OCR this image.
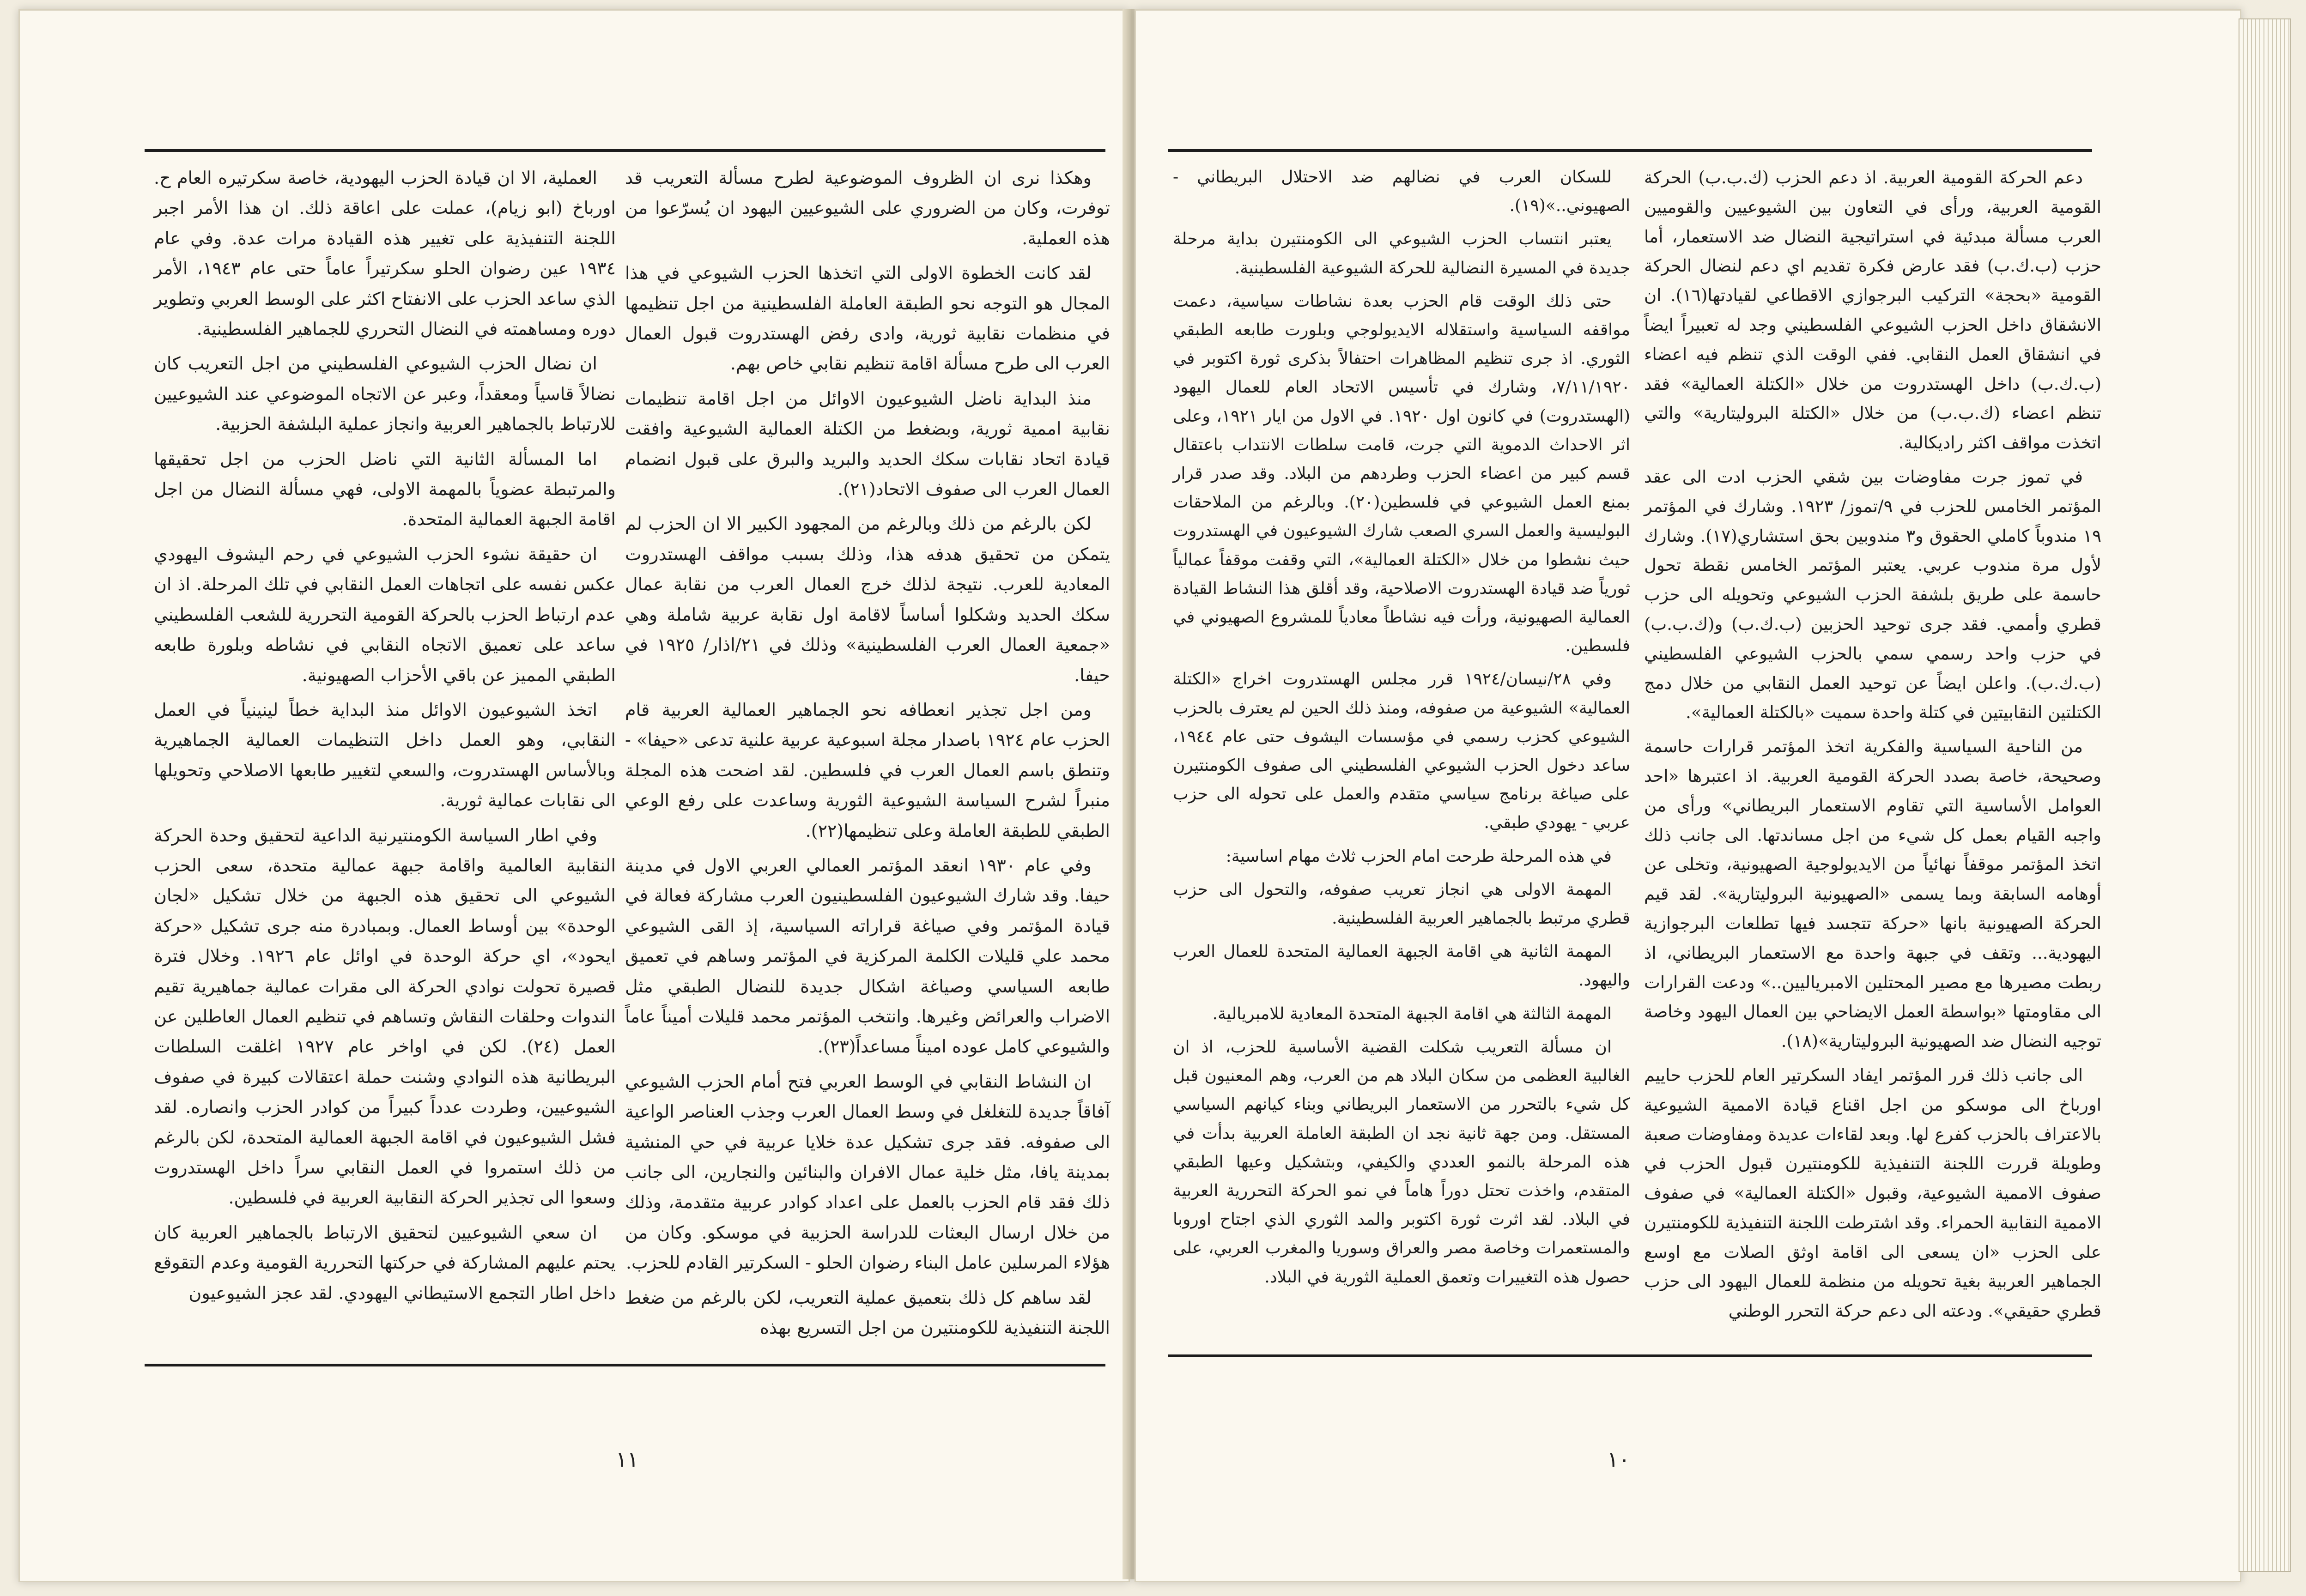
وهكذا نرى ان الظروف الموضوعية لطرح مسألة التعريب قد توفرت، وكان من الضروري على الشيوعيين اليهود ان يُسرّعوا من هذه العملية.

لقد كانت الخطوة الاولى التي اتخذها الحزب الشيوعي في هذا المجال هو التوجه نحو الطبقة العاملة الفلسطينية من اجل تنظيمها في منظمات نقابية ثورية، وادى رفض الهستدروت قبول العمال العرب الى طرح مسألة اقامة تنظيم نقابي خاص بهم.

منذ البداية ناضل الشيوعيون الاوائل من اجل اقامة تنظيمات نقابية اممية ثورية، وبضغط من الكتلة العمالية الشيوعية وافقت قيادة اتحاد نقابات سكك الحديد والبريد والبرق على قبول انضمام العمال العرب الى صفوف الاتحاد(٢١).

لكن بالرغم من ذلك وبالرغم من المجهود الكبير الا ان الحزب لم يتمكن من تحقيق هدفه هذا، وذلك بسبب مواقف الهستدروت المعادية للعرب. نتيجة لذلك خرج العمال العرب من نقابة عمال سكك الحديد وشكلوا أساساً لاقامة اول نقابة عربية شاملة وهي «جمعية العمال العرب الفلسطينية» وذلك في ٢١/اذار/ ١٩٢٥ في حيفا.

ومن اجل تجذير انعطافه نحو الجماهير العمالية العربية قام الحزب عام ١٩٢٤ باصدار مجلة اسبوعية عربية علنية تدعى «حيفا» - وتنطق باسم العمال العرب في فلسطين. لقد اضحت هذه المجلة منبراً لشرح السياسة الشيوعية الثورية وساعدت على رفع الوعي الطبقي للطبقة العاملة وعلى تنظيمها(٢٢).

وفي عام ١٩٣٠ انعقد المؤتمر العمالي العربي الاول في مدينة حيفا. وقد شارك الشيوعيون الفلسطينيون العرب مشاركة فعالة في قيادة المؤتمر وفي صياغة قراراته السياسية، إذ القى الشيوعي محمد علي قليلات الكلمة المركزية في المؤتمر وساهم في تعميق طابعه السياسي وصياغة اشكال جديدة للنضال الطبقي مثل الاضراب والعرائض وغيرها. وانتخب المؤتمر محمد قليلات أميناً عاماً والشيوعي كامل عوده اميناً مساعداً(٢٣).

ان النشاط النقابي في الوسط العربي فتح أمام الحزب الشيوعي آفاقاً جديدة للتغلغل في وسط العمال العرب وجذب العناصر الواعية الى صفوفه. فقد جرى تشكيل عدة خلايا عربية في حي المنشية بمدينة يافا، مثل خلية عمال الافران والبنائين والنجارين، الى جانب ذلك فقد قام الحزب بالعمل على اعداد كوادر عربية متقدمة، وذلك من خلال ارسال البعثات للدراسة الحزبية في موسكو. وكان من هؤلاء المرسلين عامل البناء رضوان الحلو - السكرتير القادم للحزب.

لقد ساهم كل ذلك بتعميق عملية التعريب، لكن بالرغم من ضغط اللجنة التنفيذية للكومنتيرن من اجل التسريع بهذه

العملية، الا ان قيادة الحزب اليهودية، خاصة سكرتيره العام ح. اورباخ (ابو زيام)، عملت على اعاقة ذلك. ان هذا الأمر اجبر اللجنة التنفيذية على تغيير هذه القيادة مرات عدة. وفي عام ١٩٣٤ عين رضوان الحلو سكرتيراً عاماً حتى عام ١٩٤٣، الأمر الذي ساعد الحزب على الانفتاح اكثر على الوسط العربي وتطوير دوره ومساهمته في النضال التحرري للجماهير الفلسطينية.

ان نضال الحزب الشيوعي الفلسطيني من اجل التعريب كان نضالاً قاسياً ومعقداً، وعبر عن الاتجاه الموضوعي عند الشيوعيين للارتباط بالجماهير العربية وانجاز عملية البلشفة الحزبية.

اما المسألة الثانية التي ناضل الحزب من اجل تحقيقها والمرتبطة عضوياً بالمهمة الاولى، فهي مسألة النضال من اجل اقامة الجبهة العمالية المتحدة.

ان حقيقة نشوء الحزب الشيوعي في رحم اليشوف اليهودي عكس نفسه على اتجاهات العمل النقابي في تلك المرحلة. اذ ان عدم ارتباط الحزب بالحركة القومية التحررية للشعب الفلسطيني ساعد على تعميق الاتجاه النقابي في نشاطه وبلورة طابعه الطبقي المميز عن باقي الأحزاب الصهيونية.

اتخذ الشيوعيون الاوائل منذ البداية خطاً لينينياً في العمل النقابي، وهو العمل داخل التنظيمات العمالية الجماهيرية وبالأساس الهستدروت، والسعي لتغيير طابعها الاصلاحي وتحويلها الى نقابات عمالية ثورية.

وفي اطار السياسة الكومنتيرنية الداعية لتحقيق وحدة الحركة النقابية العالمية واقامة جبهة عمالية متحدة، سعى الحزب الشيوعي الى تحقيق هذه الجبهة من خلال تشكيل «لجان الوحدة» بين أوساط العمال. وبمبادرة منه جرى تشكيل «حركة ايحود»، اي حركة الوحدة في اوائل عام ١٩٢٦. وخلال فترة قصيرة تحولت نوادي الحركة الى مقرات عمالية جماهيرية تقيم الندوات وحلقات النقاش وتساهم في تنظيم العمال العاطلين عن العمل (٢٤). لكن في اواخر عام ١٩٢٧ اغلقت السلطات البريطانية هذه النوادي وشنت حملة اعتقالات كبيرة في صفوف الشيوعيين، وطردت عدداً كبيراً من كوادر الحزب وانصاره. لقد فشل الشيوعيون في اقامة الجبهة العمالية المتحدة، لكن بالرغم من ذلك استمروا في العمل النقابي سراً داخل الهستدروت وسعوا الى تجذير الحركة النقابية العربية في فلسطين.

ان سعي الشيوعيين لتحقيق الارتباط بالجماهير العربية كان يحتم عليهم المشاركة في حركتها التحررية القومية وعدم التقوقع داخل اطار التجمع الاستيطاني اليهودي. لقد عجز الشيوعيون

١١

دعم الحركة القومية العربية. اذ دعم الحزب (ك.ب.ب) الحركة القومية العربية، ورأى في التعاون بين الشيوعيين والقوميين العرب مسألة مبدئية في استراتيجية النضال ضد الاستعمار، أما حزب (ب.ك.ب) فقد عارض فكرة تقديم اي دعم لنضال الحركة القومية «بحجة» التركيب البرجوازي الاقطاعي لقيادتها(١٦). ان الانشقاق داخل الحزب الشيوعي الفلسطيني وجد له تعبيراً ايضاً في انشقاق العمل النقابي. ففي الوقت الذي تنظم فيه اعضاء (ب.ك.ب) داخل الهستدروت من خلال «الكتلة العمالية» فقد تنظم اعضاء (ك.ب.ب) من خلال «الكتلة البروليتارية» والتي اتخذت مواقف اكثر راديكالية.

في تموز جرت مفاوضات بين شقي الحزب ادت الى عقد المؤتمر الخامس للحزب في ٩/تموز/ ١٩٢٣. وشارك في المؤتمر ١٩ مندوباً كاملي الحقوق و٣ مندوبين بحق استشاري(١٧). وشارك لأول مرة مندوب عربي. يعتبر المؤتمر الخامس نقطة تحول حاسمة على طريق بلشفة الحزب الشيوعي وتحويله الى حزب قطري وأممي. فقد جرى توحيد الحزبين (ب.ك.ب) و(ك.ب.ب) في حزب واحد رسمي سمي بالحزب الشيوعي الفلسطيني (ب.ك.ب). واعلن ايضاً عن توحيد العمل النقابي من خلال دمج الكتلتين النقابيتين في كتلة واحدة سميت «بالكتلة العمالية».

من الناحية السياسية والفكرية اتخذ المؤتمر قرارات حاسمة وصحيحة، خاصة بصدد الحركة القومية العربية. اذ اعتبرها «احد العوامل الأساسية التي تقاوم الاستعمار البريطاني» ورأى من واجبه القيام بعمل كل شيء من اجل مساندتها. الى جانب ذلك اتخذ المؤتمر موقفاً نهائياً من الايديولوجية الصهيونية، وتخلى عن أوهامه السابقة وبما يسمى «الصهيونية البروليتارية». لقد قيم الحركة الصهيونية بانها «حركة تتجسد فيها تطلعات البرجوازية اليهودية... وتقف في جبهة واحدة مع الاستعمار البريطاني، اذ ربطت مصيرها مع مصير المحتلين الامبرياليين..» ودعت القرارات الى مقاومتها «بواسطة العمل الايضاحي بين العمال اليهود وخاصة توجيه النضال ضد الصهيونية البروليتارية»(١٨).

الى جانب ذلك قرر المؤتمر ايفاد السكرتير العام للحزب حاييم اورباخ الى موسكو من اجل اقناع قيادة الاممية الشيوعية بالاعتراف بالحزب كفرع لها. وبعد لقاءات عديدة ومفاوضات صعبة وطويلة قررت اللجنة التنفيذية للكومنتيرن قبول الحزب في صفوف الاممية الشيوعية، وقبول «الكتلة العمالية» في صفوف الاممية النقابية الحمراء. وقد اشترطت اللجنة التنفيذية للكومنتيرن على الحزب «ان يسعى الى اقامة اوثق الصلات مع اوسع الجماهير العربية بغية تحويله من منظمة للعمال اليهود الى حزب قطري حقيقي». ودعته الى دعم حركة التحرر الوطني

للسكان العرب في نضالهم ضد الاحتلال البريطاني - الصهيوني..»(١٩).

يعتبر انتساب الحزب الشيوعي الى الكومنتيرن بداية مرحلة جديدة في المسيرة النضالية للحركة الشيوعية الفلسطينية.

حتى ذلك الوقت قام الحزب بعدة نشاطات سياسية، دعمت مواقفه السياسية واستقلاله الايديولوجي وبلورت طابعه الطبقي الثوري. اذ جرى تنظيم المظاهرات احتفالاً بذكرى ثورة اكتوبر في ٧/١١/١٩٢٠، وشارك في تأسيس الاتحاد العام للعمال اليهود (الهستدروت) في كانون اول ١٩٢٠. في الاول من ايار ١٩٢١، وعلى اثر الاحداث الدموية التي جرت، قامت سلطات الانتداب باعتقال قسم كبير من اعضاء الحزب وطردهم من البلاد. وقد صدر قرار بمنع العمل الشيوعي في فلسطين(٢٠). وبالرغم من الملاحقات البوليسية والعمل السري الصعب شارك الشيوعيون في الهستدروت حيث نشطوا من خلال «الكتلة العمالية»، التي وقفت موقفاً عمالياً ثورياً ضد قيادة الهستدروت الاصلاحية، وقد أقلق هذا النشاط القيادة العمالية الصهيونية، ورأت فيه نشاطاً معادياً للمشروع الصهيوني في فلسطين.

وفي ٢٨/نيسان/١٩٢٤ قرر مجلس الهستدروت اخراج «الكتلة العمالية» الشيوعية من صفوفه، ومنذ ذلك الحين لم يعترف بالحزب الشيوعي كحزب رسمي في مؤسسات اليشوف حتى عام ١٩٤٤، ساعد دخول الحزب الشيوعي الفلسطيني الى صفوف الكومنتيرن على صياغة برنامج سياسي متقدم والعمل على تحوله الى حزب عربي - يهودي طبقي.

في هذه المرحلة طرحت امام الحزب ثلاث مهام اساسية:

المهمة الاولى هي انجاز تعريب صفوفه، والتحول الى حزب قطري مرتبط بالجماهير العربية الفلسطينية.

المهمة الثانية هي اقامة الجبهة العمالية المتحدة للعمال العرب واليهود.

المهمة الثالثة هي اقامة الجبهة المتحدة المعادية للامبريالية.

ان مسألة التعريب شكلت القضية الأساسية للحزب، اذ ان الغالبية العظمى من سكان البلاد هم من العرب، وهم المعنيون قبل كل شيء بالتحرر من الاستعمار البريطاني وبناء كيانهم السياسي المستقل. ومن جهة ثانية نجد ان الطبقة العاملة العربية بدأت في هذه المرحلة بالنمو العددي والكيفي، وبتشكيل وعيها الطبقي المتقدم، واخذت تحتل دوراً هاماً في نمو الحركة التحررية العربية في البلاد. لقد اثرت ثورة اكتوبر والمد الثوري الذي اجتاح اوروبا والمستعمرات وخاصة مصر والعراق وسوريا والمغرب العربي، على حصول هذه التغييرات وتعمق العملية الثورية في البلاد.

١٠
